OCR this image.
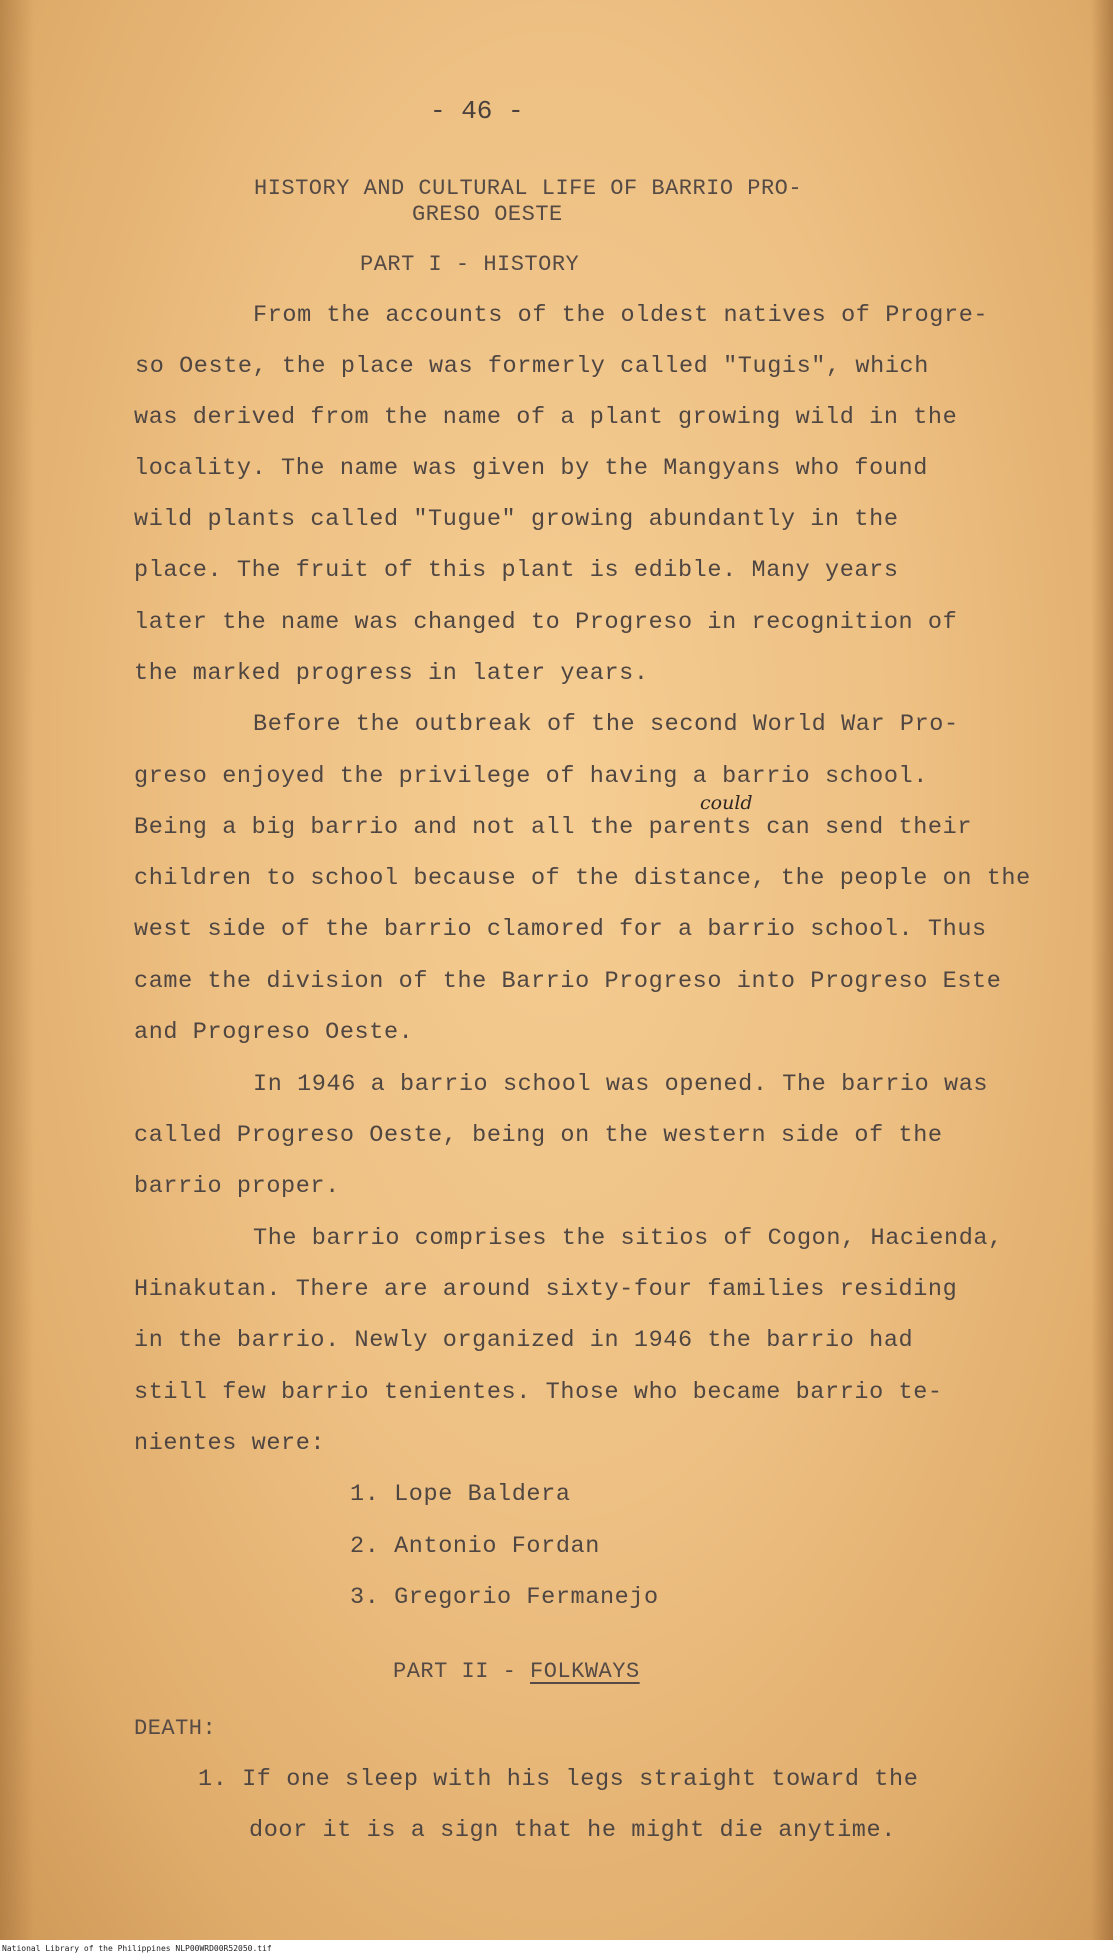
- 46 -
HISTORY AND CULTURAL LIFE OF BARRIO PRO-
GRESO OESTE
PART I - HISTORY
From the accounts of the oldest natives of Progre-
so Oeste, the place was formerly called "Tugis", which
was derived from the name of a plant growing wild in the
locality. The name was given by the Mangyans who found
wild plants called "Tugue" growing abundantly in the
place. The fruit of this plant is edible. Many years
later the name was changed to Progreso in recognition of
the marked progress in later years.
Before the outbreak of the second World War Pro-
greso enjoyed the privilege of having a barrio school.
Being a big barrio and not all the parents can send their
could
children to school because of the distance, the people on the
west side of the barrio clamored for a barrio school. Thus
came the division of the Barrio Progreso into Progreso Este
and Progreso Oeste.
In 1946 a barrio school was opened. The barrio was
called Progreso Oeste, being on the western side of the
barrio proper.
The barrio comprises the sitios of Cogon, Hacienda,
Hinakutan. There are around sixty-four families residing
in the barrio. Newly organized in 1946 the barrio had
still few barrio tenientes. Those who became barrio te-
nientes were:
1. Lope Baldera
2. Antonio Fordan
3. Gregorio Fermanejo
PART II - FOLKWAYS
DEATH:
1. If one sleep with his legs straight toward the
door it is a sign that he might die anytime.
National Library of the Philippines NLP00WRD00R52050.tif
